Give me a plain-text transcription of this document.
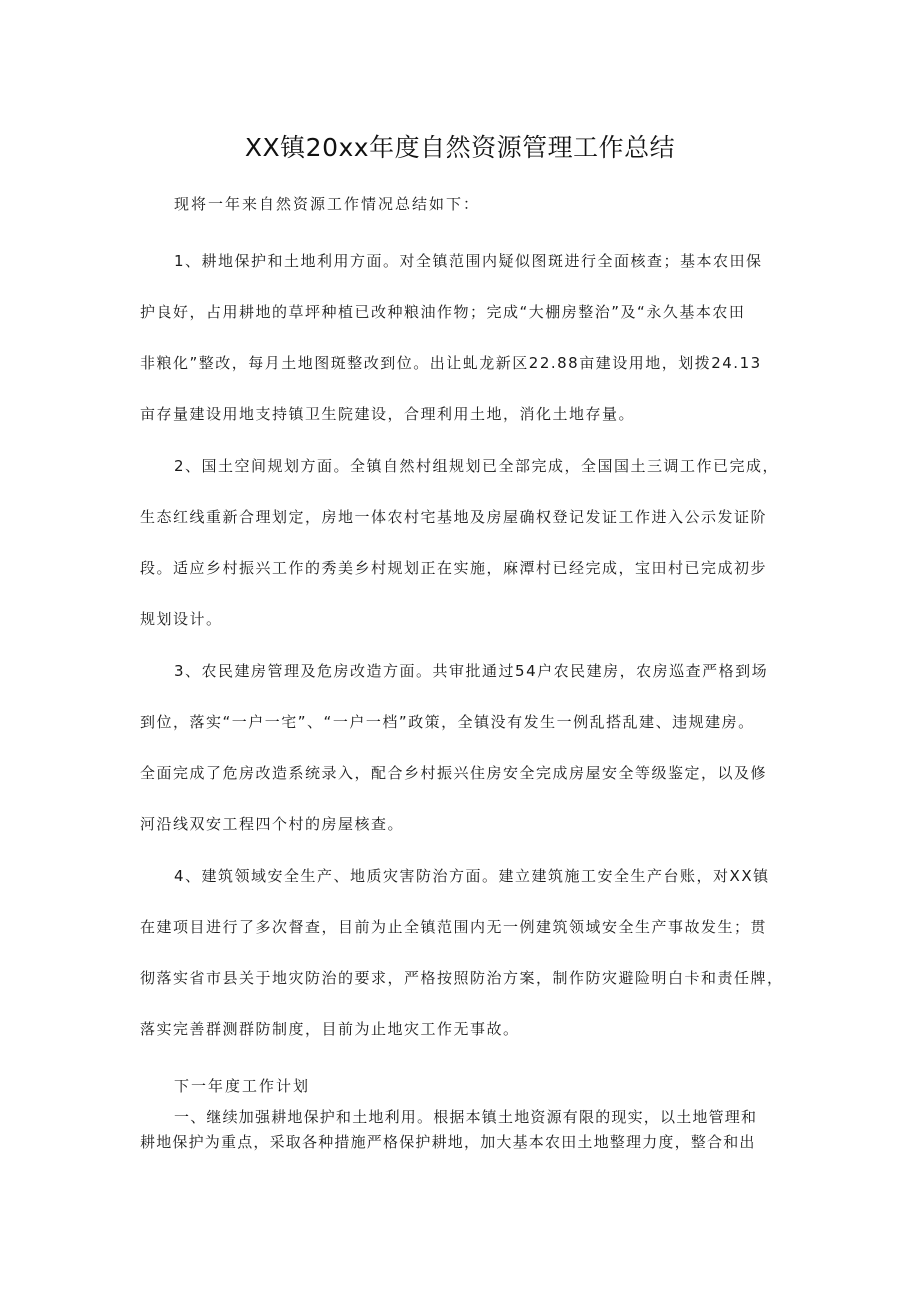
XX镇20xx年度自然资源管理工作总结

现将一年来自然资源工作情况总结如下：

1、耕地保护和土地利用方面。对全镇范围内疑似图斑进行全面核查；基本农田保
护良好，占用耕地的草坪种植已改种粮油作物；完成“大棚房整治”及“永久基本农田
非粮化”整改，每月土地图斑整改到位。出让虬龙新区22.88亩建设用地，划拨24.13
亩存量建设用地支持镇卫生院建设，合理利用土地，消化土地存量。
2、国土空间规划方面。全镇自然村组规划已全部完成，全国国土三调工作已完成，
生态红线重新合理划定，房地一体农村宅基地及房屋确权登记发证工作进入公示发证阶
段。适应乡村振兴工作的秀美乡村规划正在实施，麻潭村已经完成，宝田村已完成初步
规划设计。
3、农民建房管理及危房改造方面。共审批通过54户农民建房，农房巡查严格到场
到位，落实“一户一宅”、“一户一档”政策，全镇没有发生一例乱搭乱建、违规建房。
全面完成了危房改造系统录入，配合乡村振兴住房安全完成房屋安全等级鉴定，以及修
河沿线双安工程四个村的房屋核查。
4、建筑领域安全生产、地质灾害防治方面。建立建筑施工安全生产台账，对XX镇
在建项目进行了多次督查，目前为止全镇范围内无一例建筑领域安全生产事故发生；贯
彻落实省市县关于地灾防治的要求，严格按照防治方案，制作防灾避险明白卡和责任牌，
落实完善群测群防制度，目前为止地灾工作无事故。

下一年度工作计划

一、继续加强耕地保护和土地利用。根据本镇土地资源有限的现实，以土地管理和
耕地保护为重点，采取各种措施严格保护耕地，加大基本农田土地整理力度，整合和出
